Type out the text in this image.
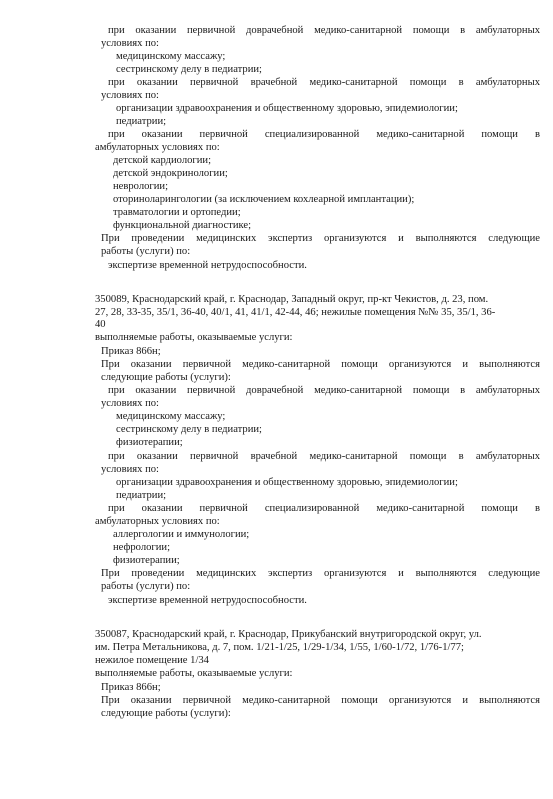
при оказании первичной доврачебной медико-санитарной помощи в амбулаторных

условиях по:

медицинскому массажу;

сестринскому делу в педиатрии;

при оказании первичной врачебной медико-санитарной помощи в амбулаторных

условиях по:

организации здравоохранения и общественному здоровью, эпидемиологии;

педиатрии;

при оказании первичной специализированной медико-санитарной помощи в

амбулаторных условиях по:

детской кардиологии;

детской эндокринологии;

неврологии;

оториноларингологии (за исключением кохлеарной имплантации);

травматологии и ортопедии;

функциональной диагностике;

При проведении медицинских экспертиз организуются и выполняются следующие

работы (услуги) по:

экспертизе временной нетрудоспособности.

350089, Краснодарский край, г. Краснодар, Западный округ, пр-кт Чекистов, д. 23, пом.

27, 28, 33-35, 35/1, 36-40, 40/1, 41, 41/1, 42-44, 46; нежилые помещения №№ 35, 35/1, 36-

40

выполняемые работы, оказываемые услуги:

Приказ 866н;

При оказании первичной медико-санитарной помощи организуются и выполняются

следующие работы (услуги):

при оказании первичной доврачебной медико-санитарной помощи в амбулаторных

условиях по:

медицинскому массажу;

сестринскому делу в педиатрии;

физиотерапии;

при оказании первичной врачебной медико-санитарной помощи в амбулаторных

условиях по:

организации здравоохранения и общественному здоровью, эпидемиологии;

педиатрии;

при оказании первичной специализированной медико-санитарной помощи в

амбулаторных условиях по:

аллергологии и иммунологии;

нефрологии;

физиотерапии;

При проведении медицинских экспертиз организуются и выполняются следующие

работы (услуги) по:

экспертизе временной нетрудоспособности.

350087, Краснодарский край, г. Краснодар, Прикубанский внутригородской округ, ул.

им. Петра Метальникова, д. 7, пом. 1/21-1/25, 1/29-1/34, 1/55, 1/60-1/72, 1/76-1/77;

нежилое помещение 1/34

выполняемые работы, оказываемые услуги:

Приказ 866н;

При оказании первичной медико-санитарной помощи организуются и выполняются

следующие работы (услуги):
